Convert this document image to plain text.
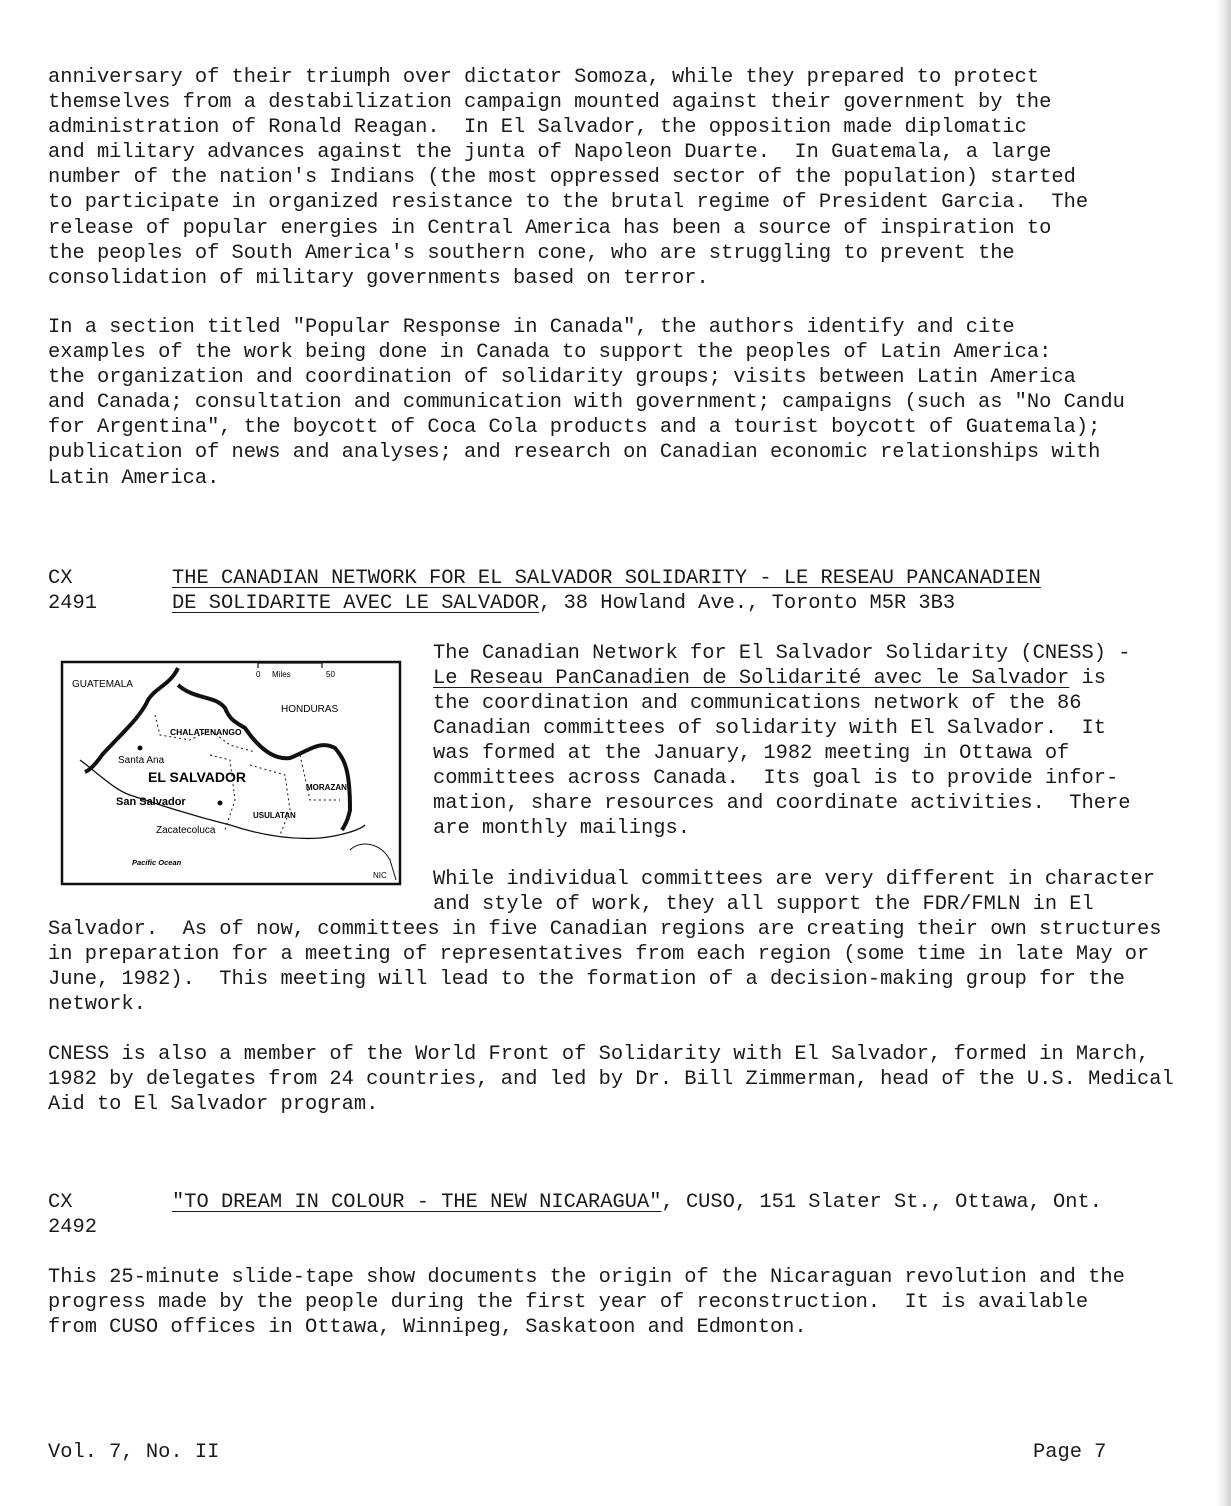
anniversary of their triumph over dictator Somoza, while they prepared to protect
themselves from a destabilization campaign mounted against their government by the
administration of Ronald Reagan.  In El Salvador, the opposition made diplomatic
and military advances against the junta of Napoleon Duarte.  In Guatemala, a large
number of the nation's Indians (the most oppressed sector of the population) started
to participate in organized resistance to the brutal regime of President Garcia.  The
release of popular energies in Central America has been a source of inspiration to
the peoples of South America's southern cone, who are struggling to prevent the
consolidation of military governments based on terror.
In a section titled "Popular Response in Canada", the authors identify and cite
examples of the work being done in Canada to support the peoples of Latin America:
the organization and coordination of solidarity groups; visits between Latin America
and Canada; consultation and communication with government; campaigns (such as "No Candu
for Argentina", the boycott of Coca Cola products and a tourist boycott of Guatemala);
publication of news and analyses; and research on Canadian economic relationships with
Latin America.
CX
2491
THE CANADIAN NETWORK FOR EL SALVADOR SOLIDARITY - LE RESEAU PANCANADIEN
DE SOLIDARITE AVEC LE SALVADOR, 38 Howland Ave., Toronto M5R 3B3
GUATEMALA
0 Miles	50
HONDURAS
CHALATENANGO
Santa Ana
EL SALVADOR
MORAZAN
San Salvador
USULATAN
Zacatecoluca
Pacific Ocean
NIC
The Canadian Network for El Salvador Solidarity (CNESS) -
Le Reseau PanCanadien de Solidarité avec le Salvador is
the coordination and communications network of the 86
Canadian committees of solidarity with El Salvador.  It
was formed at the January, 1982 meeting in Ottawa of
committees across Canada.  Its goal is to provide infor-
mation, share resources and coordinate activities.  There
are monthly mailings.
While individual committees are very different in character
and style of work, they all support the FDR/FMLN in El
Salvador.  As of now, committees in five Canadian regions are creating their own structures
in preparation for a meeting of representatives from each region (some time in late May or
June, 1982).  This meeting will lead to the formation of a decision-making group for the
network.
CNESS is also a member of the World Front of Solidarity with El Salvador, formed in March,
1982 by delegates from 24 countries, and led by Dr. Bill Zimmerman, head of the U.S. Medical
Aid to El Salvador program.
CX
2492
"TO DREAM IN COLOUR - THE NEW NICARAGUA", CUSO, 151 Slater St., Ottawa, Ont.
This 25-minute slide-tape show documents the origin of the Nicaraguan revolution and the
progress made by the people during the first year of reconstruction.  It is available
from CUSO offices in Ottawa, Winnipeg, Saskatoon and Edmonton.
Vol. 7, No. II	Page 7
